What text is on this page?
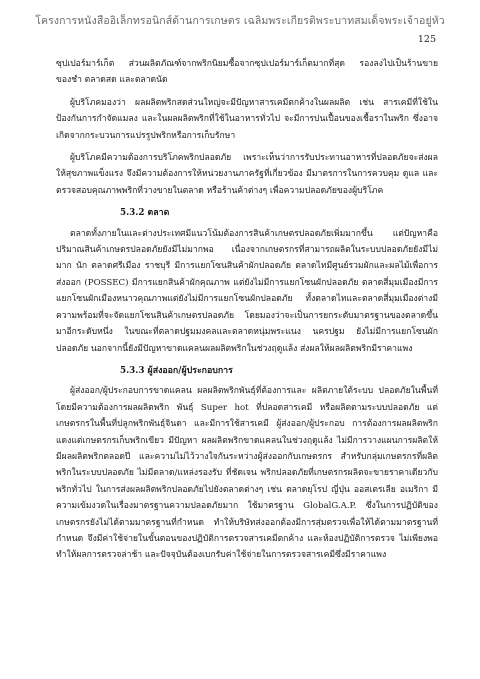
โครงการหนังสืออิเล็กทรอนิกส์ด้านการเกษตร เฉลิมพระเกียรติพระบาทสมเด็จพระเจ้าอยู่หัว
125

ซุปเปอร์มาร์เก็ต ส่วนผลิตภัณฑ์จากพริกนิยมซื้อจากซุปเปอร์มาร์เก็ตมากที่สุด รองลงไปเป็นร้านขายของชำ ตลาดสด และตลาดนัด

ผู้บริโภคมองว่า ผลผลิตพริกสดส่วนใหญ่จะมีปัญหาสารเคมีตกค้างในผลผลิต เช่น สารเคมีที่ใช้ในป้องกันการกำจัดแมลง และในผลผลิตพริกที่ใช้ในอาหารทั่วไป จะมีการปนเปื้อนของเชื้อราในพริก ซึ่งอาจเกิดจากกระบวนการแปรรูปพริกหรือการเก็บรักษา

ผู้บริโภคมีความต้องการบริโภคพริกปลอดภัย เพราะเห็นว่าการรับประทานอาหารที่ปลอดภัยจะส่งผลให้สุขภาพแข็งแรง จึงมีความต้องการให้หน่วยงานภาครัฐที่เกี่ยวข้อง มีมาตรการในการควบคุม ดูแล และตรวจสอบคุณภาพพริกที่วางขายในตลาด หรือร้านค้าต่างๆ เพื่อความปลอดภัยของผู้บริโภค

5.3.2 ตลาด

ตลาดทั้งภายในและต่างประเทศมีแนวโน้มต้องการสินค้าเกษตรปลอดภัยเพิ่มมากขึ้น แต่ปัญหาคือ ปริมาณสินค้าเกษตรปลอดภัยยังมีไม่มากพอ เนื่องจากเกษตรกรที่สามารถผลิตในระบบปลอดภัยยังมีไม่มาก นัก ตลาดศรีเมือง ราชบุรี มีการแยกโซนสินค้าผักปลอดภัย ตลาดไทมีศูนย์รวมผักและผลไม้เพื่อการส่งออก (POSSEC) มีการแยกสินค้าผักคุณภาพ แต่ยังไม่มีการแยกโซนผักปลอดภัย ตลาดสี่มุมเมืองมีการแยกโซนผักเมืองหนาวคุณภาพแต่ยังไม่มีการแยกโซนผักปลอดภัย ทั้งตลาดไทและตลาดสี่มุมเมืองต่างมีความพร้อมที่จะจัดแยกโซนสินค้าเกษตรปลอดภัย โดยมองว่าจะเป็นการยกระดับมาตรฐานของตลาดขึ้นมาอีกระดับหนึ่ง ในขณะที่ตลาดปฐมมงคลและตลาดหนุ่มพระแนง นครปฐม ยังไม่มีการแยกโซนผักปลอดภัย นอกจากนี้ยังมีปัญหาขาดแคลนผลผลิตพริกในช่วงฤดูแล้ง ส่งผลให้ผลผลิตพริกมีราคาแพง

5.3.3 ผู้ส่งออก/ผู้ประกอบการ

ผู้ส่งออก/ผู้ประกอบการขาดแคลน ผลผลิตพริกพันธุ์ที่ต้องการและ ผลิตภายใต้ระบบ ปลอดภัยในพื้นที่ โดยมีความต้องการผลผลิตพริก พันธุ์ Super hot ที่ปลอดสารเคมี หรือผลิตตามระบบปลอดภัย แต่เกษตรกรในพื้นที่ปลูกพริกพันธุ์จินดา และมีการใช้สารเคมี ผู้ส่งออก/ผู้ประกอบ การต้องการผลผลิตพริกแดงแต่เกษตรกรเก็บพริกเขียว มีปัญหา ผลผลิตพริกขาดแคลนในช่วงฤดูแล้ง ไม่มีการวางแผนการผลิตให้มีผลผลิตพริกตลอดปี และความไม่ไว้วางใจกันระหว่างผู้ส่งออกกับเกษตรกร สำหรับกลุ่มเกษตรกรที่ผลิตพริกในระบบปลอดภัย ไม่มีตลาด/แหล่งรองรับ ที่ชัดเจน พริกปลอดภัยที่เกษตรกรผลิตจะขายราคาเดียวกับพริกทั่วไป ในการส่งผลผลิตพริกปลอดภัยไปยังตลาดต่างๆ เช่น ตลาดยุโรป ญี่ปุ่น ออสเตรเลีย อเมริกา มีความเข้มงวดในเรื่องมาตรฐานความปลอดภัยมาก ใช้มาตรฐาน GlobalG.A.P. ซึ่งในการปฏิบัติของเกษตรกรยังไม่ได้ตามมาตรฐานที่กำหนด ทำให้บริษัทส่งออกต้องมีการสุ่มตรวจเพื่อให้ได้ตามมาตรฐานที่กำหนด จึงมีค่าใช้จ่ายในขั้นตอนของปฏิบัติการตรวจสารเคมีตกค้าง และห้องปฏิบัติการตรวจ ไม่เพียงพอทำให้ผลการตรวจล่าช้า และปัจจุบันต้องเบกรับค่าใช้จ่ายในการตรวจสารเคมีซึ่งมีราคาแพง
